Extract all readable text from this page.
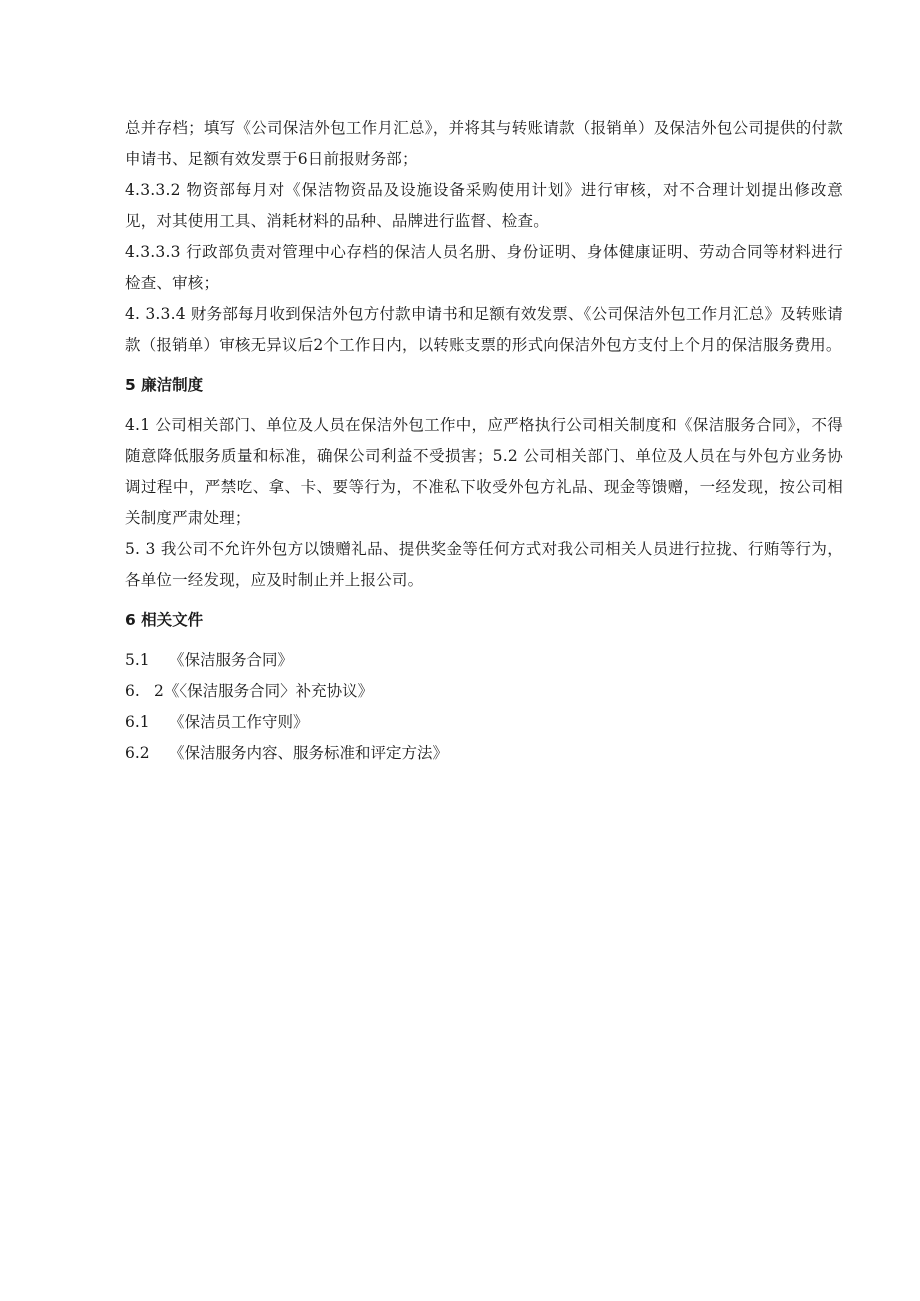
总并存档；填写《公司保洁外包工作月汇总》，并将其与转账请款（报销单）及保洁外包公司提供的付款申请书、足额有效发票于6日前报财务部；

4.3.3.2 物资部每月对《保洁物资品及设施设备采购使用计划》进行审核，对不合理计划提出修改意见，对其使用工具、消耗材料的品种、品牌进行监督、检查。

4.3.3.3 行政部负责对管理中心存档的保洁人员名册、身份证明、身体健康证明、劳动合同等材料进行检查、审核；

4. 3.3.4 财务部每月收到保洁外包方付款申请书和足额有效发票、《公司保洁外包工作月汇总》及转账请款（报销单）审核无异议后2个工作日内，以转账支票的形式向保洁外包方支付上个月的保洁服务费用。

5 廉洁制度

4.1 公司相关部门、单位及人员在保洁外包工作中，应严格执行公司相关制度和《保洁服务合同》，不得随意降低服务质量和标准，确保公司利益不受损害；5.2 公司相关部门、单位及人员在与外包方业务协调过程中，严禁吃、拿、卡、要等行为，不准私下收受外包方礼品、现金等馈赠，一经发现，按公司相关制度严肃处理；

5. 3 我公司不允许外包方以馈赠礼品、提供奖金等任何方式对我公司相关人员进行拉拢、行贿等行为，各单位一经发现，应及时制止并上报公司。

6 相关文件

5.1	《保洁服务合同》
6. 2《〈保洁服务合同〉补充协议》
6.1	《保洁员工作守则》
6.2	《保洁服务内容、服务标准和评定方法》
